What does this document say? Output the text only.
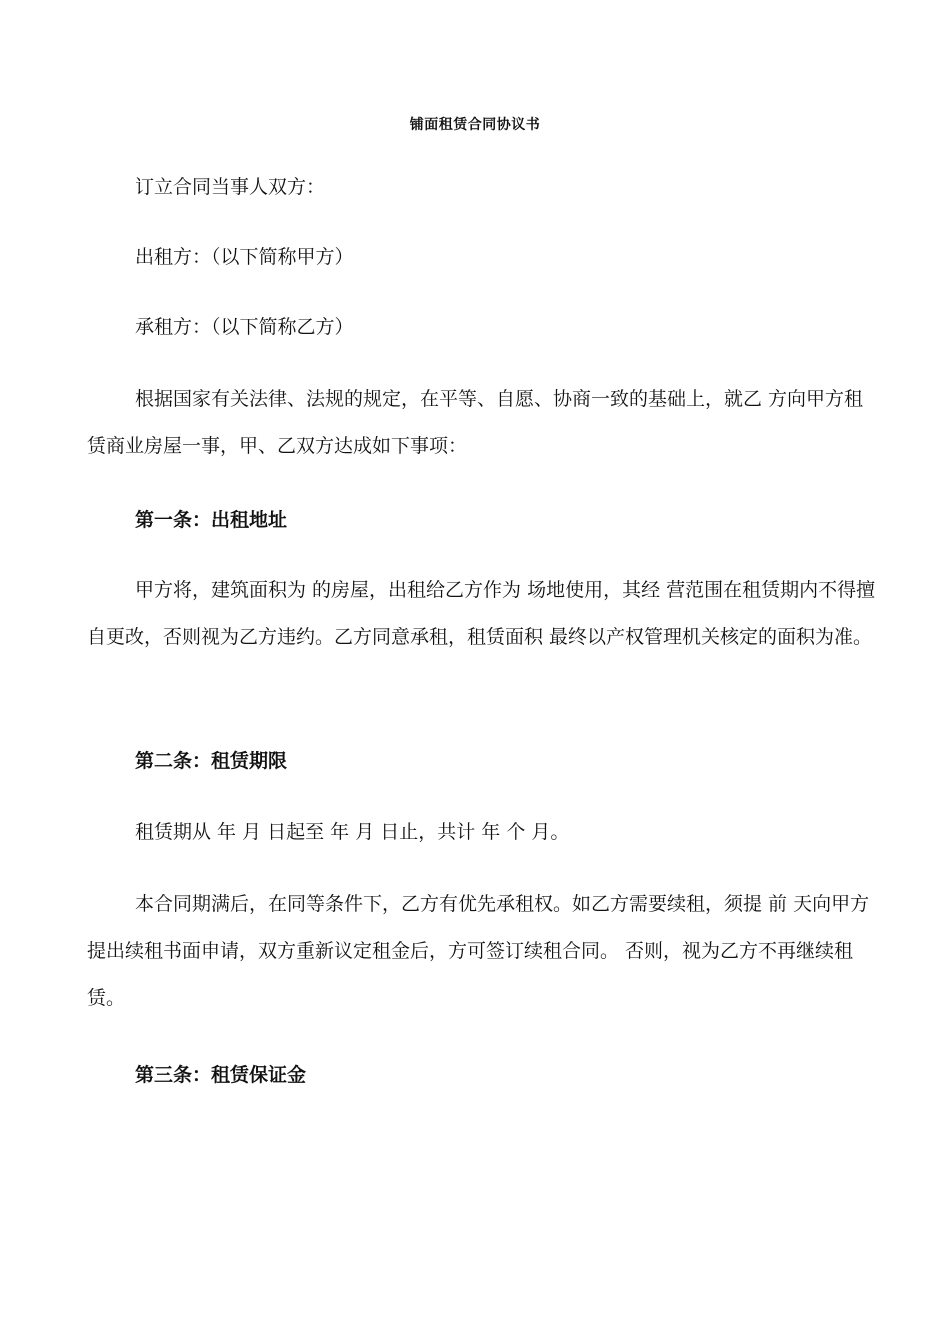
铺面租赁合同协议书
订立合同当事人双方：
出租方：（以下简称甲方）
承租方：（以下简称乙方）
根据国家有关法律、法规的规定，在平等、自愿、协商一致的基础上，就乙 方向甲方租赁商业房屋一事，甲、乙双方达成如下事项：
第一条：出租地址
甲方将，建筑面积为 的房屋，出租给乙方作为 场地使用，其经 营范围在租赁期内不得擅自更改，否则视为乙方违约。乙方同意承租，租赁面积 最终以产权管理机关核定的面积为准。
第二条：租赁期限
租赁期从 年 月 日起至 年 月 日止，共计 年 个 月。
本合同期满后，在同等条件下，乙方有优先承租权。如乙方需要续租，须提 前 天向甲方提出续租书面申请，双方重新议定租金后，方可签订续租合同。 否则，视为乙方不再继续租赁。
第三条：租赁保证金
